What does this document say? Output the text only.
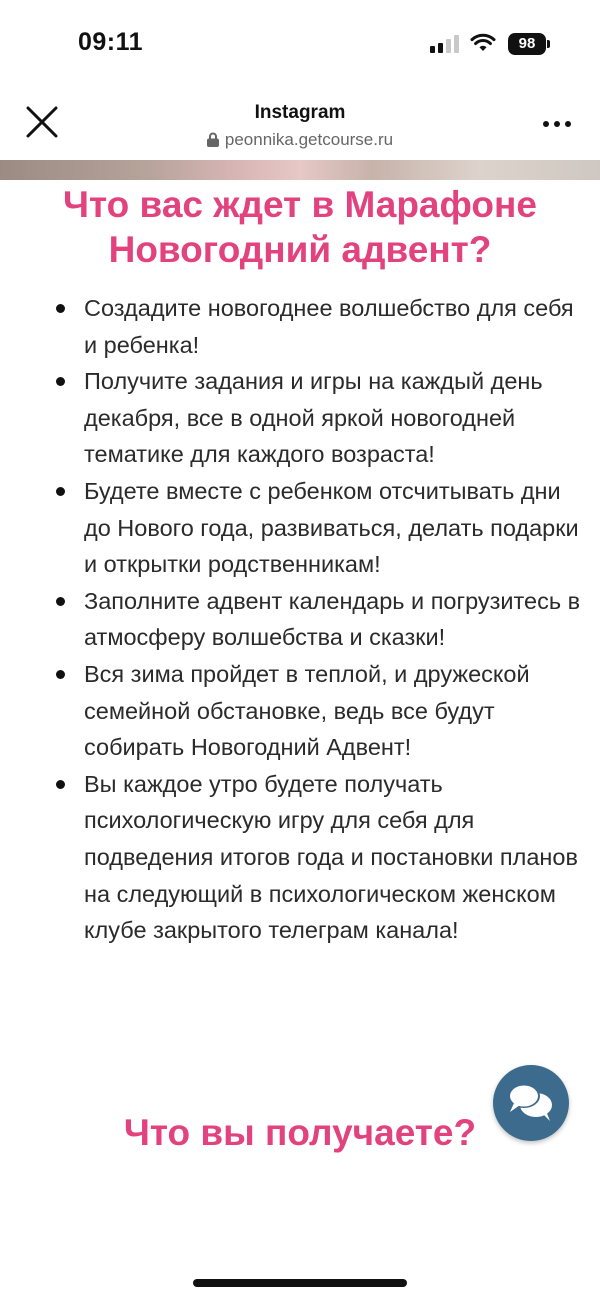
09:11	98
Instagram
peonnika.getcourse.ru
Что вас ждет в Марафоне Новогодний адвент?
Создадите новогоднее волшебство для себя и ребенка!
Получите задания и игры на каждый день декабря, все в одной яркой новогодней тематике для каждого возраста!
Будете вместе с ребенком отсчитывать дни до Нового года, развиваться, делать подарки и открытки родственникам!
Заполните адвент календарь и погрузитесь в атмосферу волшебства и сказки!
Вся зима пройдет в теплой, и дружеской семейной обстановке, ведь все будут собирать Новогодний Адвент!
Вы каждое утро будете получать психологическую игру для себя для подведения итогов года и постановки планов на следующий в психологическом женском клубе закрытого телеграм канала!
Что вы получаете?
